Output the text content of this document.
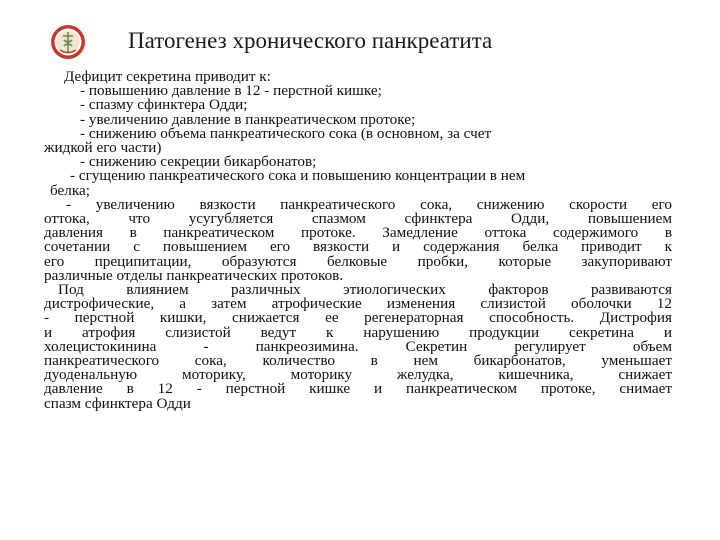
Патогенез хронического панкреатита
Дефицит секретина приводит к:
- повышению давление в 12 - перстной кишке;
- спазму сфинктера Одди;
- увеличению давление в панкреатическом протоке;
- снижению объема панкреатического сока (в основном, за счет
жидкой его части)
- снижению секреции бикарбонатов;
- сгущению панкреатического сока и повышению концентрации в нем
белка;
- увеличению вязкости панкреатического сока, снижению скорости его
оттока, что усугубляется спазмом сфинктера Одди, повышением
давления в панкреатическом протоке. Замедление оттока содержимого в
сочетании с повышением его вязкости и содержания белка приводит к
его преципитации, образуются белковые пробки, которые закупоривают
различные отделы панкреатических протоков.
Под влиянием различных этиологических факторов развиваются
дистрофические, а затем атрофические изменения слизистой оболочки 12
- перстной кишки, снижается ее регенераторная способность. Дистрофия
и атрофия слизистой ведут к нарушению продукции секретина и
холецистокинина - панкреозимина. Секретин регулирует объем
панкреатического сока, количество в нем бикарбонатов, уменьшает
дуоденальную моторику, моторику желудка, кишечника, снижает
давление в 12 - перстной кишке и панкреатическом протоке, снимает
спазм сфинктера Одди
